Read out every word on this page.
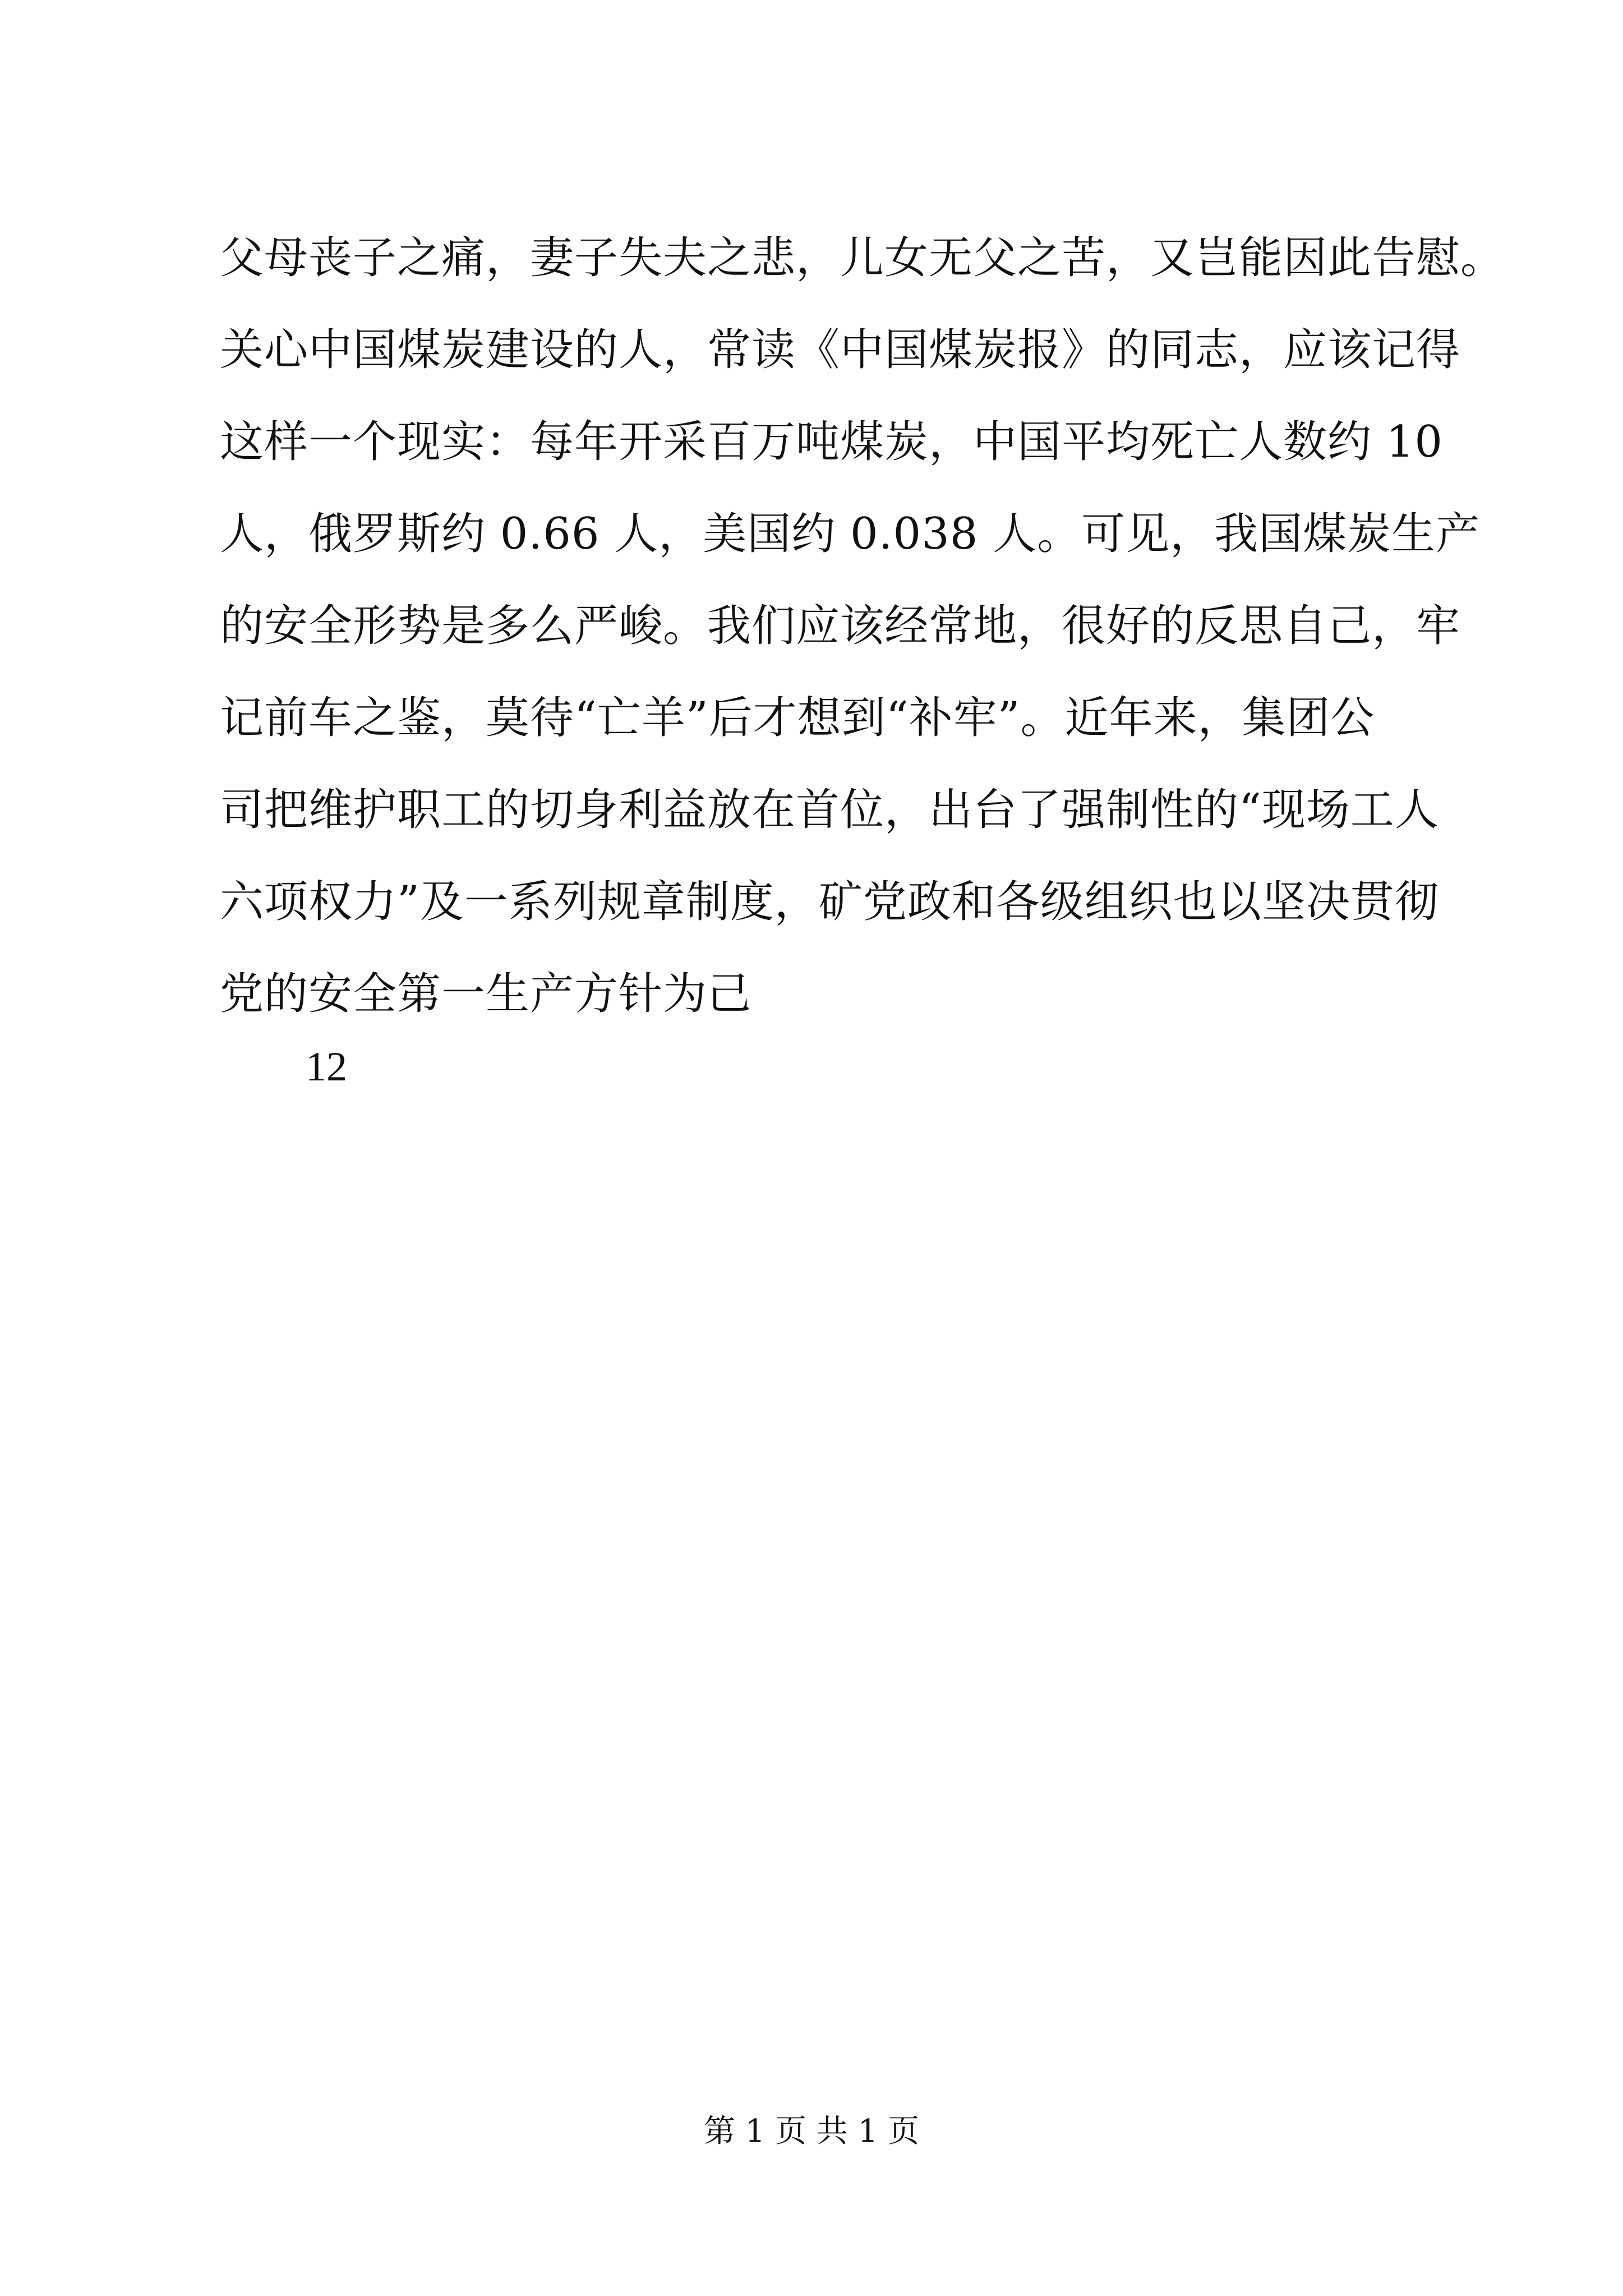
父母丧子之痛，妻子失夫之悲，儿女无父之苦，又岂能因此告慰。
关心中国煤炭建设的人，常读《中国煤炭报》的同志，应该记得
这样一个现实：每年开采百万吨煤炭，中国平均死亡人数约 10
人，俄罗斯约 0.66 人，美国约 0.038 人。可见，我国煤炭生产
的安全形势是多么严峻。我们应该经常地，很好的反思自己，牢
记前车之鉴，莫待“亡羊”后才想到“补牢”。近年来，集团公
司把维护职工的切身利益放在首位，出台了强制性的“现场工人
六项权力”及一系列规章制度，矿党政和各级组织也以坚决贯彻
党的安全第一生产方针为己

12

第 1 页 共 1 页
